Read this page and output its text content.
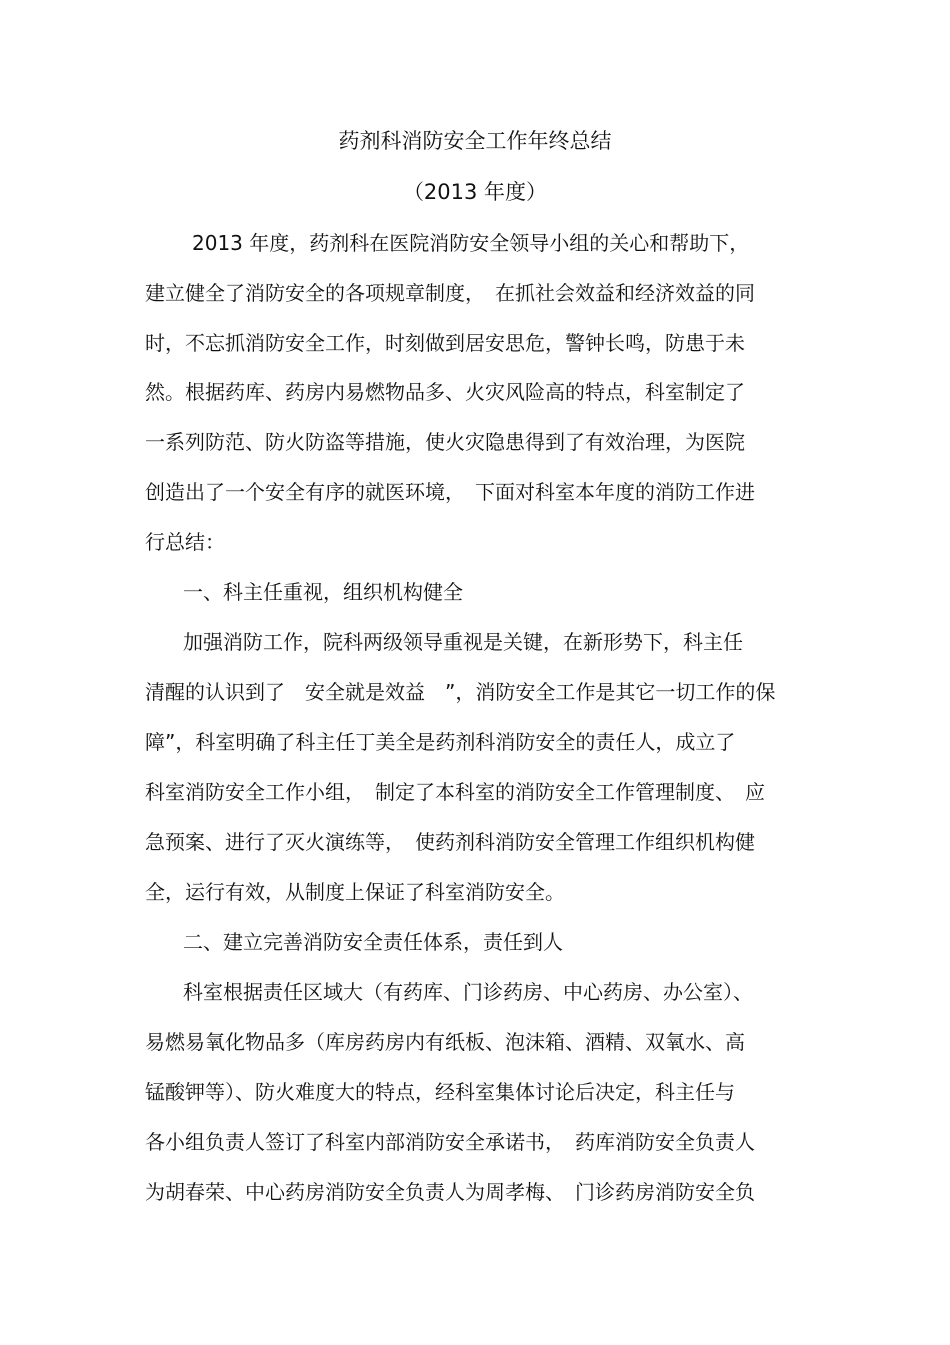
药剂科消防安全工作年终总结
（2013 年度）
2013 年度，药剂科在医院消防安全领导小组的关心和帮助下，
建立健全了消防安全的各项规章制度，　在抓社会效益和经济效益的同
时，不忘抓消防安全工作，时刻做到居安思危，警钟长鸣，防患于未
然。根据药库、药房内易燃物品多、火灾风险高的特点，科室制定了
一系列防范、防火防盗等措施，使火灾隐患得到了有效治理，为医院
创造出了一个安全有序的就医环境，　下面对科室本年度的消防工作进
行总结：
一、科主任重视，组织机构健全
加强消防工作，院科两级领导重视是关键，在新形势下，科主任
清醒的认识到了　安全就是效益　”，消防安全工作是其它一切工作的保
障”，科室明确了科主任丁美全是药剂科消防安全的责任人，成立了
科室消防安全工作小组，　制定了本科室的消防安全工作管理制度、　应
急预案、进行了灭火演练等，　使药剂科消防安全管理工作组织机构健
全，运行有效，从制度上保证了科室消防安全。
二、建立完善消防安全责任体系，责任到人
科室根据责任区域大（有药库、门诊药房、中心药房、办公室）、
易燃易氧化物品多（库房药房内有纸板、泡沫箱、酒精、双氧水、高
锰酸钾等）、防火难度大的特点，经科室集体讨论后决定，科主任与
各小组负责人签订了科室内部消防安全承诺书，　药库消防安全负责人
为胡春荣、中心药房消防安全负责人为周孝梅、　门诊药房消防安全负
